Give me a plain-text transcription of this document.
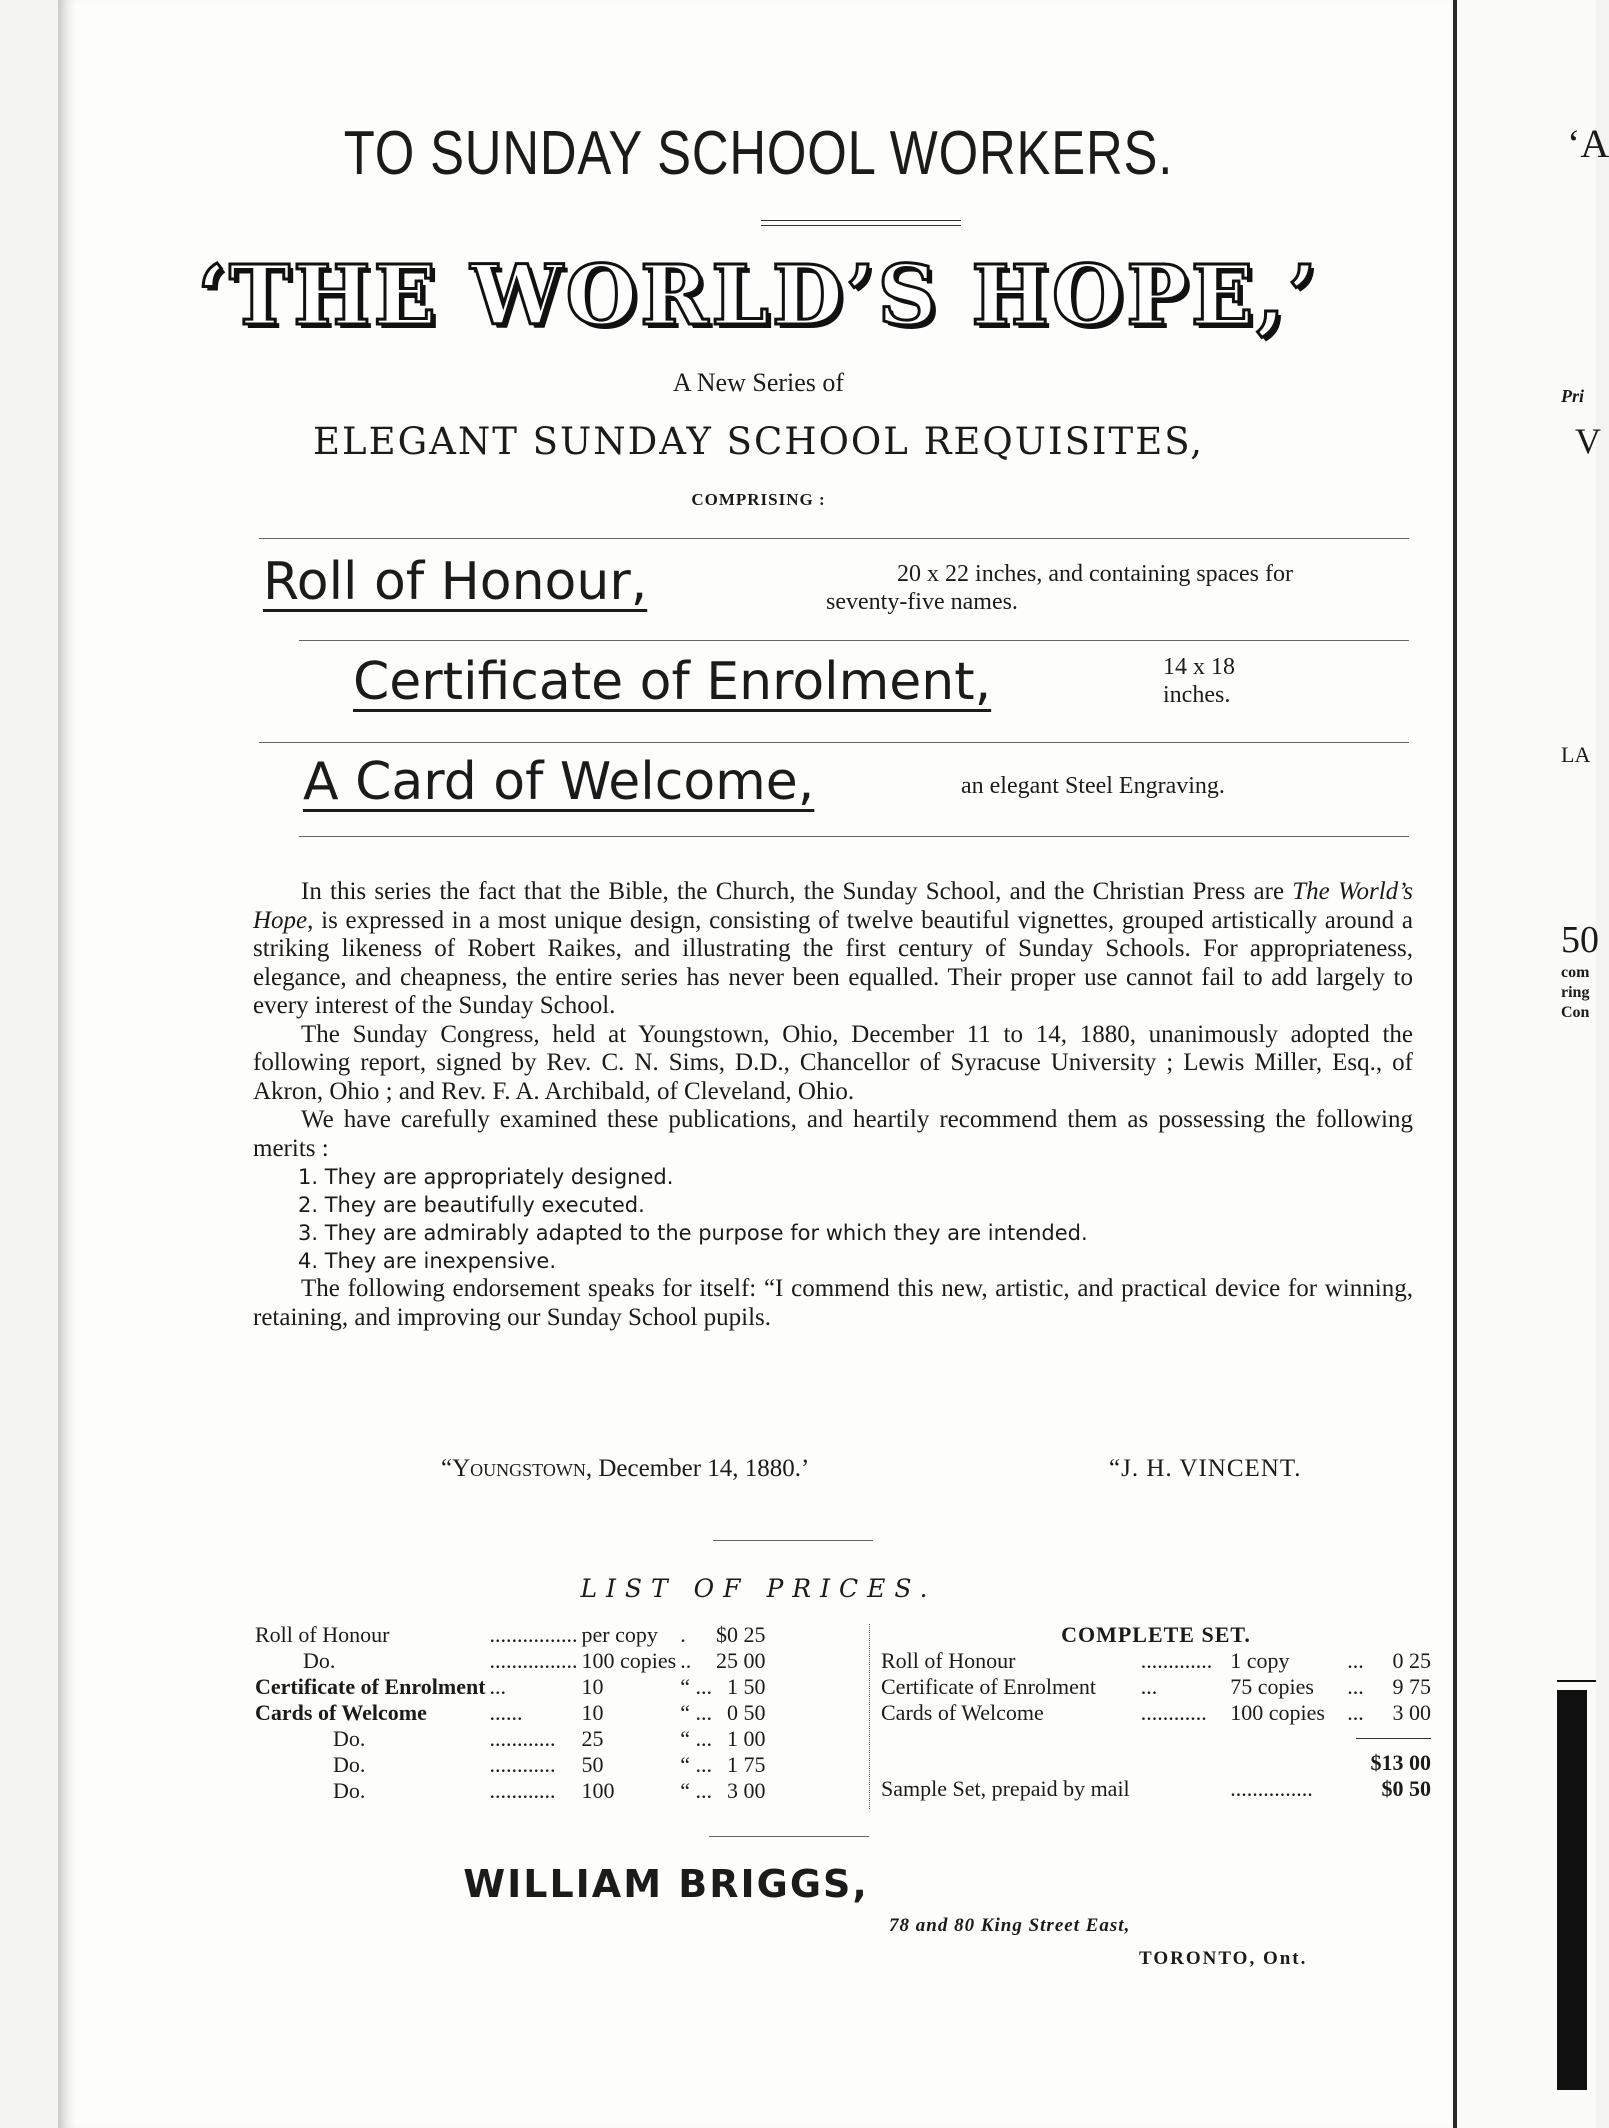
TO SUNDAY SCHOOL WORKERS.
‘THE WORLD’S HOPE,’
A New Series of
ELEGANT SUNDAY SCHOOL REQUISITES,
COMPRISING :
Roll of Honour,	20 x 22 inches, and containing spaces for
seventy-five names.
Certificate of Enrolment,	14 x 18
inches.
A Card of Welcome,	an elegant Steel Engraving.

In this series the fact that the Bible, the Church, the Sunday School, and the Christian Press are The World’s Hope, is expressed in a most unique design, consisting of twelve beautiful vignettes, grouped artistically around a striking likeness of Robert Raikes, and illustrating the first century of Sunday Schools. For appropriateness, elegance, and cheapness, the entire series has never been equalled. Their proper use cannot fail to add largely to every interest of the Sunday School.

The Sunday Congress, held at Youngstown, Ohio, December 11 to 14, 1880, unanimously adopted the following report, signed by Rev. C. N. Sims, D.D., Chancellor of Syracuse University ; Lewis Miller, Esq., of Akron, Ohio ; and Rev. F. A. Archibald, of Cleveland, Ohio.

We have carefully examined these publications, and heartily recommend them as possessing the following merits :

1. They are appropriately designed.
2. They are beautifully executed.
3. They are admirably adapted to the purpose for which they are intended.
4. They are inexpensive.

The following endorsement speaks for itself: “I commend this new, artistic, and practical device for winning, retaining, and improving our Sunday School pupils.

“Youngstown, December 14, 1880.’	“J. H. VINCENT.
LIST OF PRICES.
Roll of Honour	................	per copy	.	$0 25
Do.	................	100 copies	..	25 00
Certificate of Enrolment	...	10	“ ...	1 50
Cards of Welcome	......	10	“ ...	0 50
Do.	............	25	“ ...	1 00
Do.	............	50	“ ...	1 75
Do.	............	100	“ ...	3 00
COMPLETE SET.				
Roll of Honour	.............	1 copy	...	0 25
Certificate of Enrolment	...	75 copies	...	9 75
Cards of Welcome	............	100 copies	...	3 00

$13 00				
Sample Set, prepaid by mail		...............		$0 50
WILLIAM BRIGGS,
78 and 80 King Street East,
TORONTO, Ont.
‘A
Pri
V
LA
50
com
ring
Con
